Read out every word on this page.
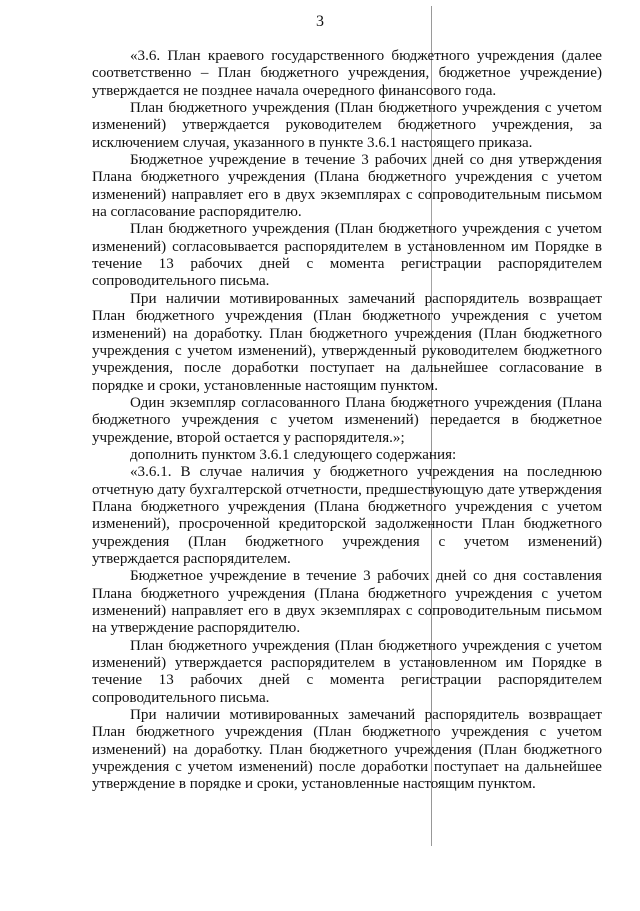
3

«3.6. План краевого государственного бюджетного учреждения (далее соответственно – План бюджетного учреждения, бюджетное учреждение) утверждается не позднее начала очередного финансового года.

План бюджетного учреждения (План бюджетного учреждения с учетом изменений) утверждается руководителем бюджетного учреждения, за исключением случая, указанного в пункте 3.6.1 настоящего приказа.

Бюджетное учреждение в течение 3 рабочих дней со дня утверждения Плана бюджетного учреждения (Плана бюджетного учреждения с учетом изменений) направляет его в двух экземплярах с сопроводительным письмом на согласование распорядителю.

План бюджетного учреждения (План бюджетного учреждения с учетом изменений) согласовывается распорядителем в установленном им Порядке в течение 13 рабочих дней с момента регистрации распорядителем сопроводительного письма.

При наличии мотивированных замечаний распорядитель возвращает План бюджетного учреждения (План бюджетного учреждения с учетом изменений) на доработку. План бюджетного учреждения (План бюджетного учреждения с учетом изменений), утвержденный руководителем бюджетного учреждения, после доработки поступает на дальнейшее согласование в порядке и сроки, установленные настоящим пунктом.

Один экземпляр согласованного Плана бюджетного учреждения (Плана бюджетного учреждения с учетом изменений) передается в бюджетное учреждение, второй остается у распорядителя.»;

дополнить пунктом 3.6.1 следующего содержания:

«3.6.1. В случае наличия у бюджетного учреждения на последнюю отчетную дату бухгалтерской отчетности, предшествующую дате утверждения Плана бюджетного учреждения (Плана бюджетного учреждения с учетом изменений), просроченной кредиторской задолженности План бюджетного учреждения (План бюджетного учреждения с учетом изменений) утверждается распорядителем.

Бюджетное учреждение в течение 3 рабочих дней со дня составления Плана бюджетного учреждения (Плана бюджетного учреждения с учетом изменений) направляет его в двух экземплярах с сопроводительным письмом на утверждение распорядителю.

План бюджетного учреждения (План бюджетного учреждения с учетом изменений) утверждается распорядителем в установленном им Порядке в течение 13 рабочих дней с момента регистрации распорядителем сопроводительного письма.

При наличии мотивированных замечаний распорядитель возвращает План бюджетного учреждения (План бюджетного учреждения с учетом изменений) на доработку. План бюджетного учреждения (План бюджетного учреждения с учетом изменений) после доработки поступает на дальнейшее утверждение в порядке и сроки, установленные настоящим пунктом.
